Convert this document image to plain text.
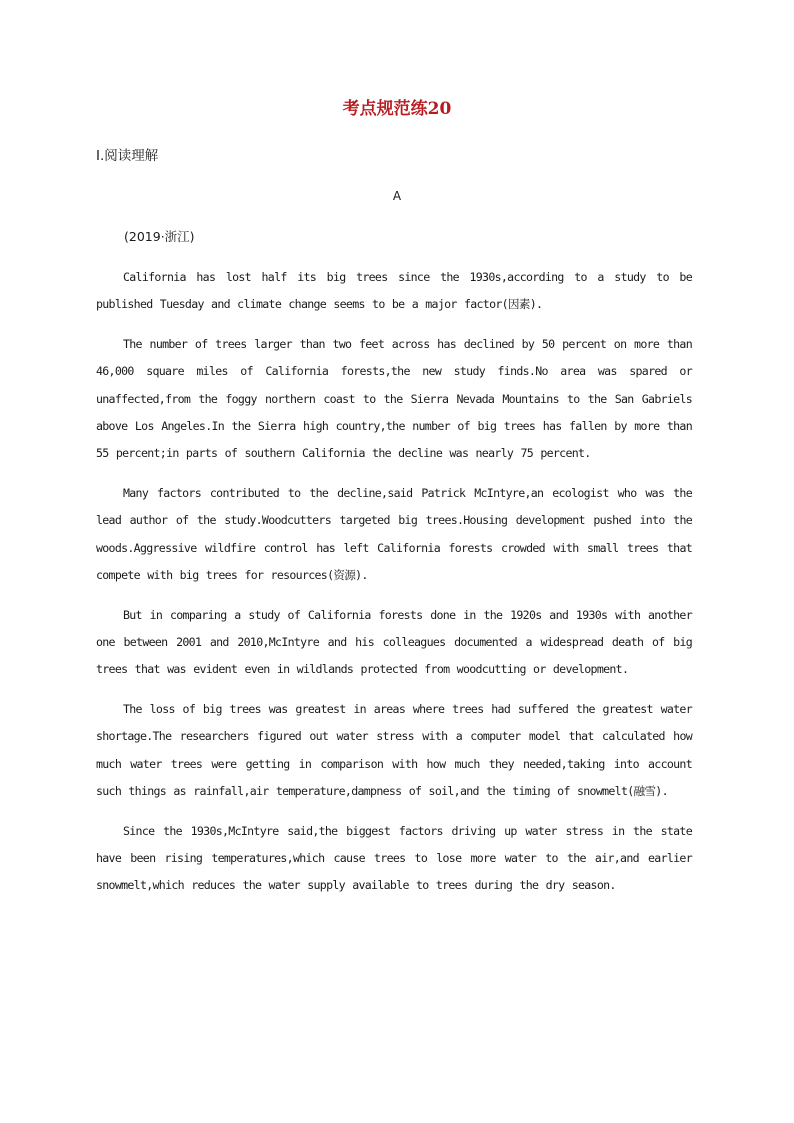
考点规范练20
Ⅰ.阅读理解
A
(2019·浙江)

California has lost half its big trees since the 1930s,according to a study to be published Tuesday and climate change seems to be a major factor(因素).

The number of trees larger than two feet across has declined by 50 percent on more than 46,000 square miles of California forests,the new study finds.No area was spared or unaffected,from the foggy northern coast to the Sierra Nevada Mountains to the San Gabriels above Los Angeles.In the Sierra high country,the number of big trees has fallen by more than 55 percent;in parts of southern California the decline was nearly 75 percent.

Many factors contributed to the decline,said Patrick McIntyre,an ecologist who was the lead author of the study.Woodcutters targeted big trees.Housing development pushed into the woods.Aggressive wildfire control has left California forests crowded with small trees that compete with big trees for resources(资源).

But in comparing a study of California forests done in the 1920s and 1930s with another one between 2001 and 2010,McIntyre and his colleagues documented a widespread death of big trees that was evident even in wildlands protected from woodcutting or development.

The loss of big trees was greatest in areas where trees had suffered the greatest water shortage.The researchers figured out water stress with a computer model that calculated how much water trees were getting in comparison with how much they needed,taking into account such things as rainfall,air temperature,dampness of soil,and the timing of snowmelt(融雪).

Since the 1930s,McIntyre said,the biggest factors driving up water stress in the state have been rising temperatures,which cause trees to lose more water to the air,and earlier snowmelt,which reduces the water supply available to trees during the dry season.
